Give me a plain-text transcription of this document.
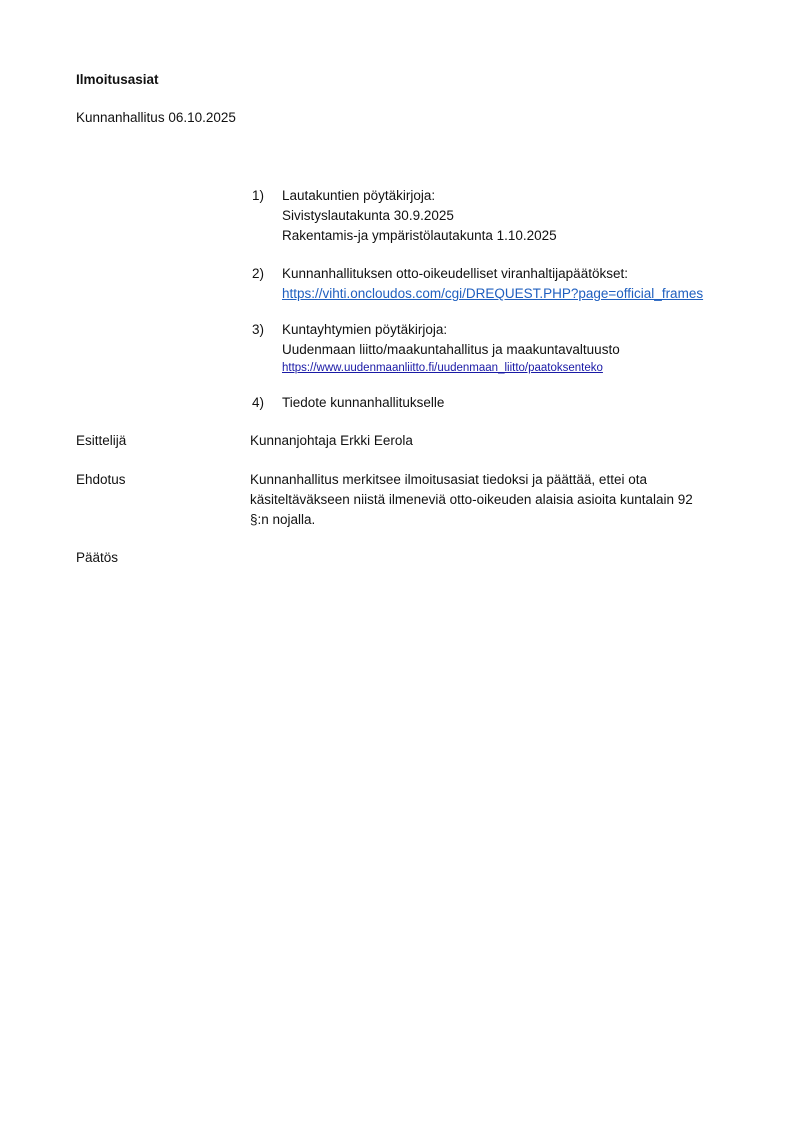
Ilmoitusasiat
Kunnanhallitus 06.10.2025
1) Lautakuntien pöytäkirjoja:
Sivistyslautakunta 30.9.2025
Rakentamis-ja ympäristölautakunta 1.10.2025
2) Kunnanhallituksen otto-oikeudelliset viranhaltijapäätökset:
https://vihti.oncloudos.com/cgi/DREQUEST.PHP?page=official_frames
3) Kuntayhtymien pöytäkirjoja:
Uudenmaan liitto/maakuntahallitus ja maakuntavaltuusto
https://www.uudenmaanliitto.fi/uudenmaan_liitto/paatoksenteko
4) Tiedote kunnanhallitukselle
Esittelijä	Kunnanjohtaja Erkki Eerola
Ehdotus	Kunnanhallitus merkitsee ilmoitusasiat tiedoksi ja päättää, ettei ota
käsiteltäväkseen niistä ilmeneviä otto-oikeuden alaisia asioita kuntalain 92
§:n nojalla.
Päätös
